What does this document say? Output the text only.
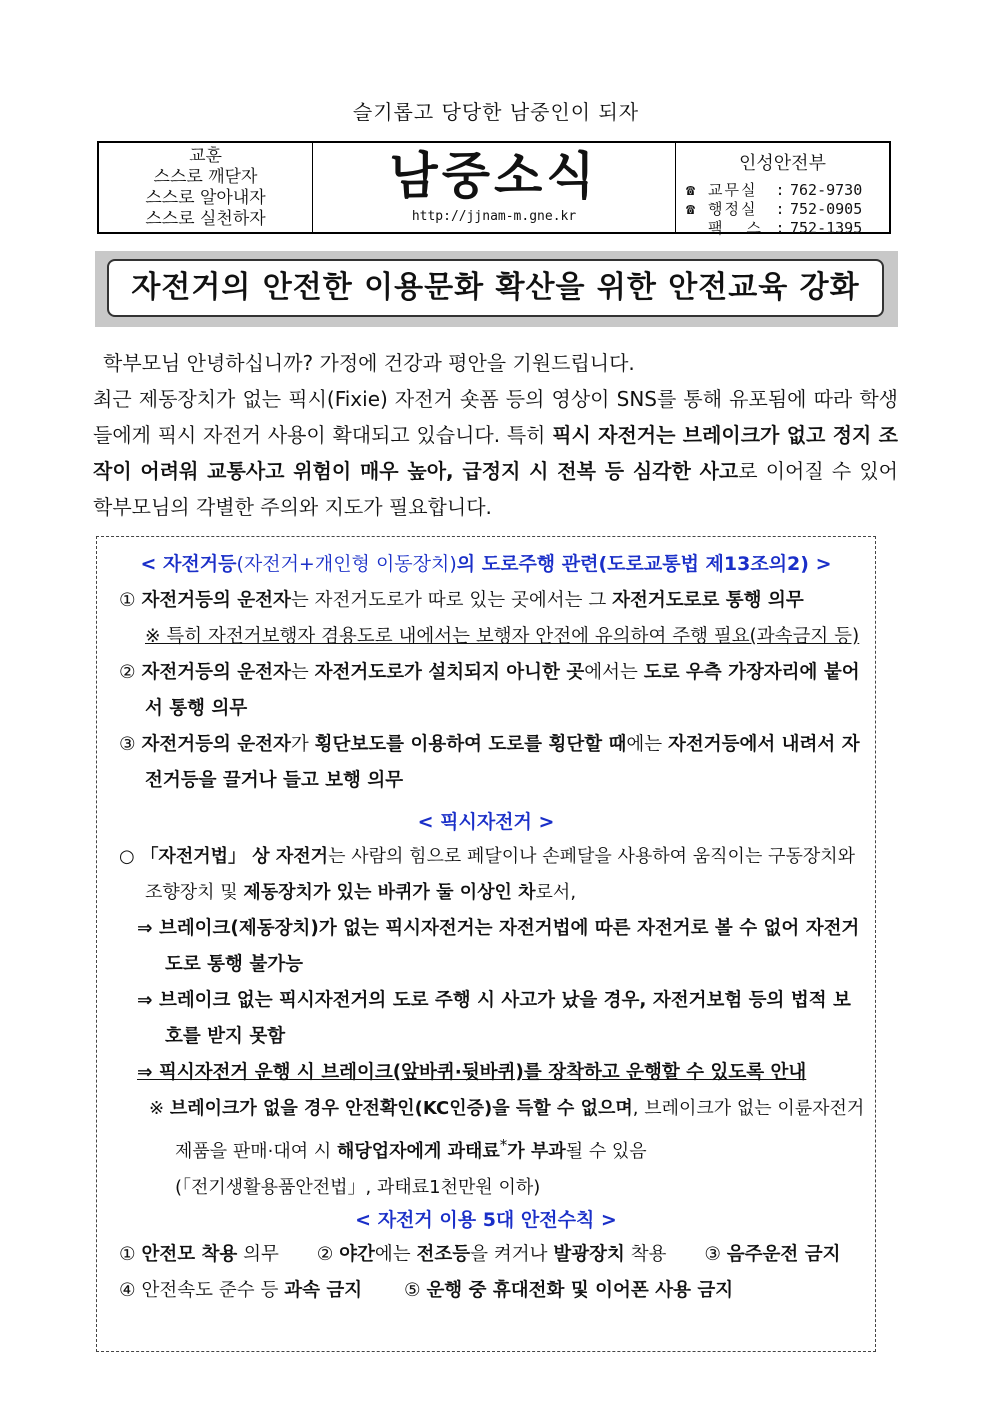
슬기롭고 당당한 남중인이 되자
교훈
스스로 깨닫자
스스로 알아내자
스스로 실천하자
남중소식
http://jjnam-m.gne.kr
인성안전부
☎ 교무실	: 762-9730
☎ 행정실	: 752-0905
팩  스 : 752-1395
자전거의 안전한 이용문화 확산을 위한 안전교육 강화

학부모님 안녕하십니까? 가정에 건강과 평안을 기원드립니다.

최근 제동장치가 없는 픽시(Fixie) 자전거 숏폼 등의 영상이 SNS를 통해 유포됨에 따라 학생들에게 픽시 자전거 사용이 확대되고 있습니다. 특히 픽시 자전거는 브레이크가 없고 정지 조작이 어려워 교통사고 위험이 매우 높아, 급정지 시 전복 등 심각한 사고로 이어질 수 있어 학부모님의 각별한 주의와 지도가 필요합니다.

< 자전거등(자전거+개인형 이동장치)의 도로주행 관련(도로교통법 제13조의2) >
① 자전거등의 운전자는 자전거도로가 따로 있는 곳에서는 그 자전거도로로 통행 의무
※ 특히 자전거보행자 겸용도로 내에서는 보행자 안전에 유의하여 주행 필요(과속금지 등)
② 자전거등의 운전자는 자전거도로가 설치되지 아니한 곳에서는 도로 우측 가장자리에 붙어서 통행 의무
③ 자전거등의 운전자가 횡단보도를 이용하여 도로를 횡단할 때에는 자전거등에서 내려서 자전거등을 끌거나 들고 보행 의무
< 픽시자전거 >
○ 「자전거법」 상 자전거는 사람의 힘으로 페달이나 손페달을 사용하여 움직이는 구동장치와 조향장치 및 제동장치가 있는 바퀴가 둘 이상인 차로서,
⇒ 브레이크(제동장치)가 없는 픽시자전거는 자전거법에 따른 자전거로 볼 수 없어 자전거도로 통행 불가능
⇒ 브레이크 없는 픽시자전거의 도로 주행 시 사고가 났을 경우, 자전거보험 등의 법적 보호를 받지 못함
⇒ 픽시자전거 운행 시 브레이크(앞바퀴·뒷바퀴)를 장착하고 운행할 수 있도록 안내
※ 브레이크가 없을 경우 안전확인(KC인증)을 득할 수 없으며, 브레이크가 없는 이륜자전거 제품을 판매·대여 시 해당업자에게 과태료*가 부과될 수 있음
(「전기생활용품안전법」, 과태료1천만원 이하)
< 자전거 이용 5대 안전수칙 >
① 안전모 착용 의무 ② 야간에는 전조등을 켜거나 발광장치 착용 ③ 음주운전 금지
④ 안전속도 준수 등 과속 금지 ⑤ 운행 중 휴대전화 및 이어폰 사용 금지
